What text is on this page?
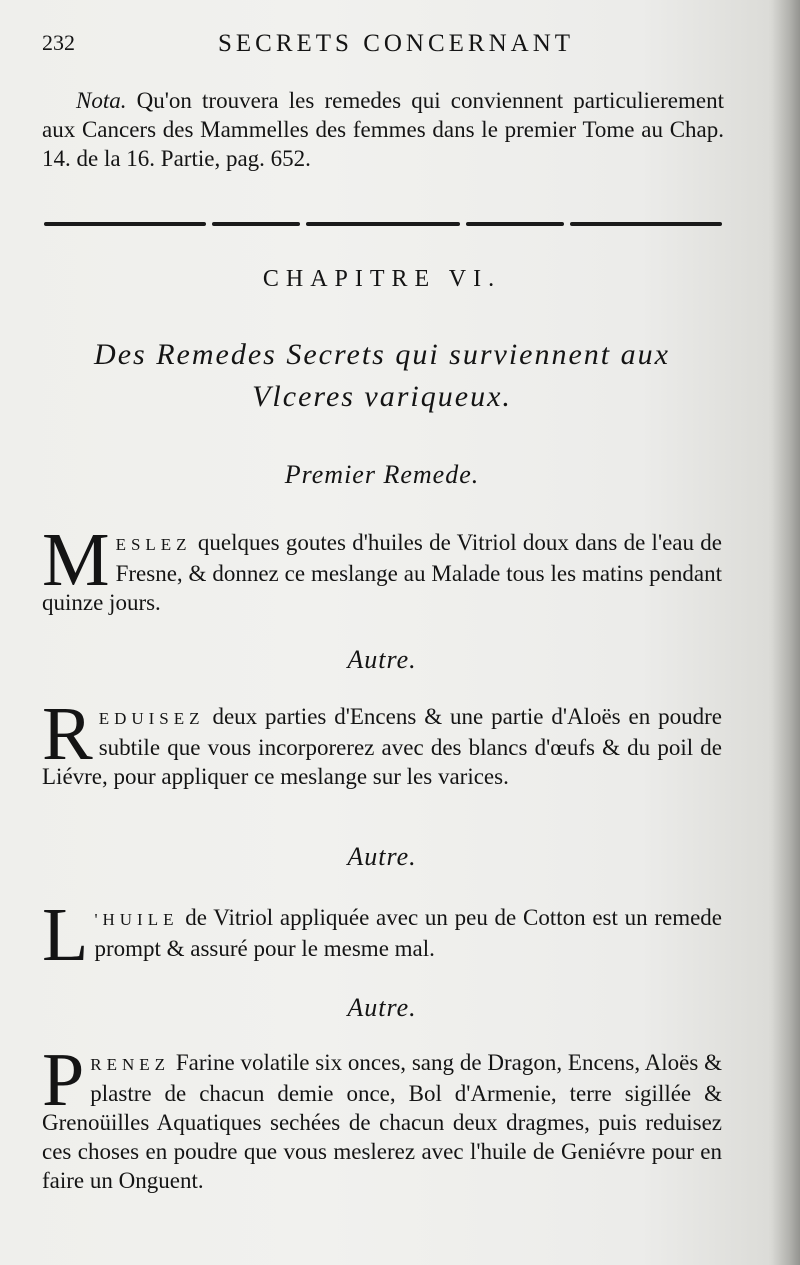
232	SECRETS CONCERNANT
Nota. Qu'on trouvera les remedes qui conviennent particulierement aux Cancers des Mammelles des femmes dans le premier Tome au Chap. 14. de la 16. Partie, pag. 652.
CHAPITRE VI.
Des Remedes Secrets qui surviennent aux Vlceres variqueux.
Premier Remede.
MESLEZ quelques goutes d'huiles de Vitriol doux dans de l'eau de Fresne, & donnez ce meslange au Malade tous les matins pendant quinze jours.
Autre.
REDUISEZ deux parties d'Encens & une partie d'Aloës en poudre subtile que vous incorporerez avec des blancs d'œufs & du poil de Liévre, pour appliquer ce meslange sur les varices.
Autre.
L 'HUILE de Vitriol appliquée avec un peu de Cotton est un remede prompt & assuré pour le mesme mal.
Autre.
PRENEZ Farine volatile six onces, sang de Dragon, Encens, Aloës & plastre de chacun demie once, Bol d'Armenie, terre sigillée & Grenoüilles Aquatiques sechées de chacun deux dragmes, puis reduisez ces choses en poudre que vous meslerez avec l'huile de Geniévre pour en faire un Onguent.
